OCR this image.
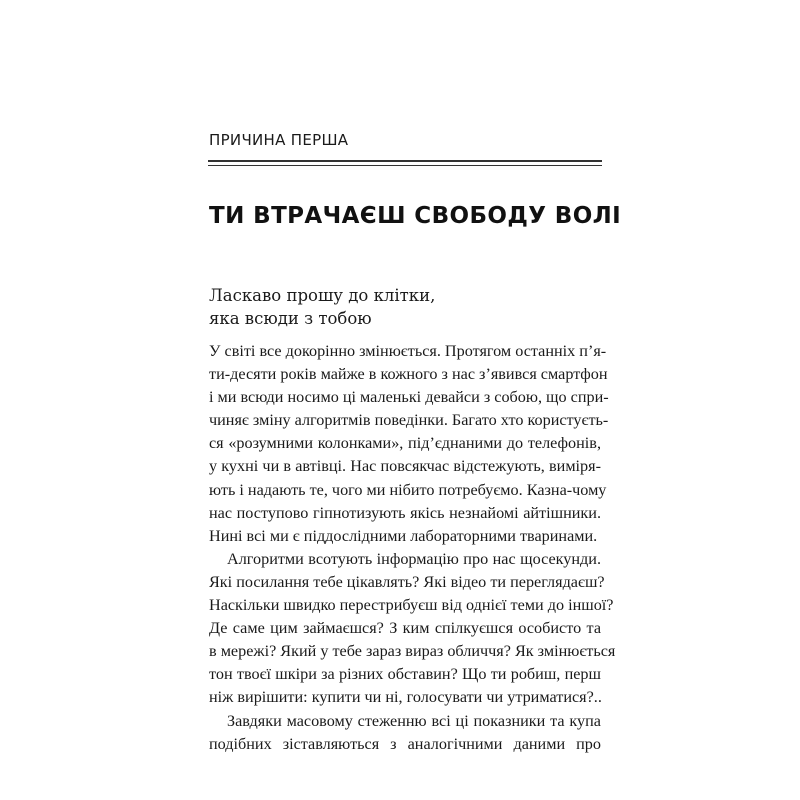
ПРИЧИНА ПЕРША
ТИ ВТРАЧАЄШ СВОБОДУ ВОЛІ
Ласкаво прошу до клітки,
яка всюди з тобою
У світі все докорінно змінюється. Протягом останніх п’я-
ти-десяти років майже в кожного з нас з’явився смартфон
і ми всюди носимо ці маленькі девайси з собою, що спри-
чиняє зміну алгоритмів поведінки. Багато хто користуєть-
ся «розумними колонками», під’єднаними до телефонів,
у кухні чи в автівці. Нас повсякчас відстежують, виміря-
ють і надають те, чого ми нібито потребуємо. Казна-чому
нас поступово гіпнотизують якісь незнайомі айтішники.
Нині всі ми є піддослідними лабораторними тваринами.
Алгоритми всотують інформацію про нас щосекунди.
Які посилання тебе цікавлять? Які відео ти переглядаєш?
Наскільки швидко перестрибуєш від однієї теми до іншої?
Де саме цим займаєшся? З ким спілкуєшся особисто та
в мережі? Який у тебе зараз вираз обличчя? Як змінюється
тон твоєї шкіри за різних обставин? Що ти робиш, перш
ніж вирішити: купити чи ні, голосувати чи утриматися?..
Завдяки масовому стеженню всі ці показники та купа
подібних зіставляються з аналогічними даними про
